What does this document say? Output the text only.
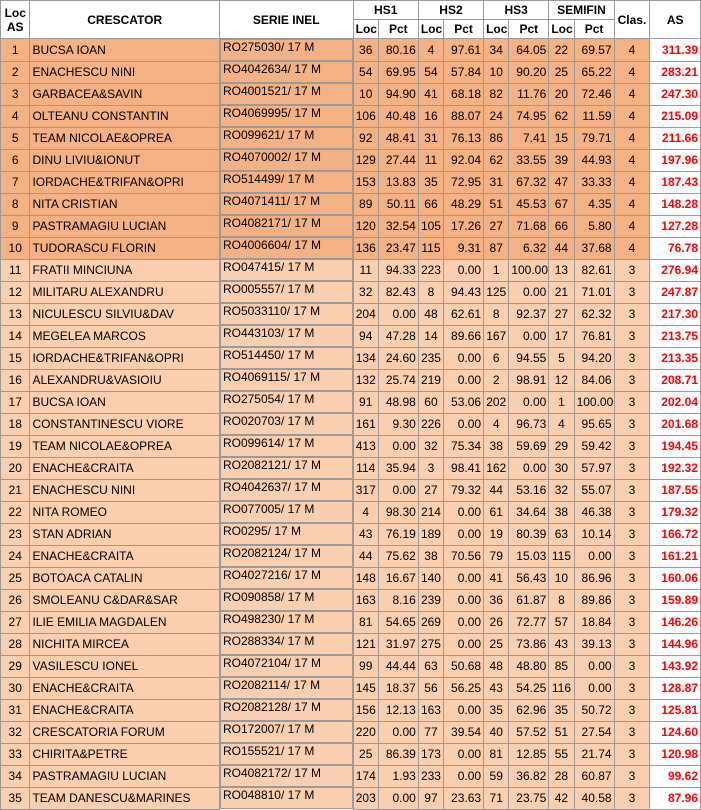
Loc
AS	CRESCATOR	SERIE INEL	HS1		HS2		HS3		SEMIFIN		Clas.	AS
			Loc	Pct	Loc	Pct	Loc	Pct	Loc	Pct		
1	BUCSA IOAN		RO 275030/ 17 M	36	80.16	4	97.61	34	64.05	22	69.57	4	311.39
2	ENACHESCU NINI		RO 4042634/ 17 M	54	69.95	54	57.84	10	90.20	25	65.22	4	283.21
3	GARBACEA&SAVIN		RO 4001521/ 17 M	10	94.90	41	68.18	82	11.76	20	72.46	4	247.30
4	OLTEANU CONSTANTIN		RO 4069995/ 17 M	106	40.48	16	88.07	24	74.95	62	11.59	4	215.09
5	TEAM NICOLAE&OPREA		RO 099621/ 17 M	92	48.41	31	76.13	86	7.41	15	79.71	4	211.66
6	DINU LIVIU&IONUT		RO 4070002/ 17 M	129	27.44	11	92.04	62	33.55	39	44.93	4	197.96
7	IORDACHE&TRIFAN&OPRI		RO 514499/ 17 M	153	13.83	35	72.95	31	67.32	47	33.33	4	187.43
8	NITA CRISTIAN		RO 4071411/ 17 M	89	50.11	66	48.29	51	45.53	67	4.35	4	148.28
9	PASTRAMAGIU LUCIAN		RO 4082171/ 17 M	120	32.54	105	17.26	27	71.68	66	5.80	4	127.28
10	TUDORASCU FLORIN		RO 4006604/ 17 M	136	23.47	115	9.31	87	6.32	44	37.68	4	76.78
11	FRATII MINCIUNA		RO 047415/ 17 M	11	94.33	223	0.00	1	100.00	13	82.61	3	276.94
12	MILITARU ALEXANDRU		RO 005557/ 17 M	32	82.43	8	94.43	125	0.00	21	71.01	3	247.87
13	NICULESCU SILVIU&DAV		RO 5033110/ 17 M	204	0.00	48	62.61	8	92.37	27	62.32	3	217.30
14	MEGELEA MARCOS		RO 443103/ 17 M	94	47.28	14	89.66	167	0.00	17	76.81	3	213.75
15	IORDACHE&TRIFAN&OPRI		RO 514450/ 17 M	134	24.60	235	0.00	6	94.55	5	94.20	3	213.35
16	ALEXANDRU&VASIOIU		RO 4069115/ 17 M	132	25.74	219	0.00	2	98.91	12	84.06	3	208.71
17	BUCSA IOAN		RO 275054/ 17 M	91	48.98	60	53.06	202	0.00	1	100.00	3	202.04
18	CONSTANTINESCU VIORE		RO 020703/ 17 M	161	9.30	226	0.00	4	96.73	4	95.65	3	201.68
19	TEAM NICOLAE&OPREA		RO 099614/ 17 M	413	0.00	32	75.34	38	59.69	29	59.42	3	194.45
20	ENACHE&CRAITA		RO 2082121/ 17 M	114	35.94	3	98.41	162	0.00	30	57.97	3	192.32
21	ENACHESCU NINI		RO 4042637/ 17 M	317	0.00	27	79.32	44	53.16	32	55.07	3	187.55
22	NITA ROMEO		RO 077005/ 17 M	4	98.30	214	0.00	61	34.64	38	46.38	3	179.32
23	STAN ADRIAN		RO 0295/ 17 M	43	76.19	189	0.00	19	80.39	63	10.14	3	166.72
24	ENACHE&CRAITA		RO 2082124/ 17 M	44	75.62	38	70.56	79	15.03	115	0.00	3	161.21
25	BOTOACA CATALIN		RO 4027216/ 17 M	148	16.67	140	0.00	41	56.43	10	86.96	3	160.06
26	SMOLEANU C&DAR&SAR		RO 090858/ 17 M	163	8.16	239	0.00	36	61.87	8	89.86	3	159.89
27	ILIE EMILIA MAGDALEN		RO 498230/ 17 M	81	54.65	269	0.00	26	72.77	57	18.84	3	146.26
28	NICHITA MIRCEA		RO 288334/ 17 M	121	31.97	275	0.00	25	73.86	43	39.13	3	144.96
29	VASILESCU IONEL		RO 4072104/ 17 M	99	44.44	63	50.68	48	48.80	85	0.00	3	143.92
30	ENACHE&CRAITA		RO 2082114/ 17 M	145	18.37	56	56.25	43	54.25	116	0.00	3	128.87
31	ENACHE&CRAITA		RO 2082128/ 17 M	156	12.13	163	0.00	35	62.96	35	50.72	3	125.81
32	CRESCATORIA FORUM		RO 172007/ 17 M	220	0.00	77	39.54	40	57.52	51	27.54	3	124.60
33	CHIRITA&PETRE		RO 155521/ 17 M	25	86.39	173	0.00	81	12.85	55	21.74	3	120.98
34	PASTRAMAGIU LUCIAN		RO 4082172/ 17 M	174	1.93	233	0.00	59	36.82	28	60.87	3	99.62
35	TEAM DANESCU&MARINES		RO 048810/ 17 M	203	0.00	97	23.63	71	23.75	42	40.58	3	87.96
